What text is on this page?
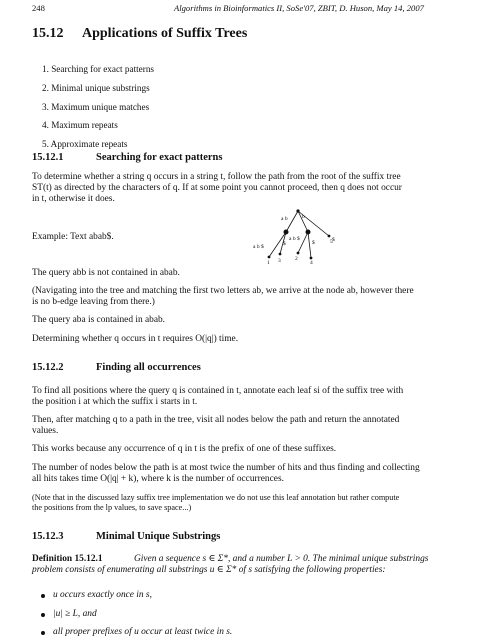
248	Algorithms in Bioinformatics II, SoSe'07, ZBIT, D. Huson, May 14, 2007
15.12 Applications of Suffix Trees
1. Searching for exact patterns
2. Minimal unique substrings
3. Maximum unique matches
4. Maximum repeats
5. Approximate repeats
15.12.1	Searching for exact patterns
To determine whether a string q occurs in a string t, follow the path from the root of the suffix tree
ST(t) as directed by the characters of q. If at some point you cannot proceed, then q does not occur
in t, otherwise it does.
Example: Text abab$.
a b	b
a b $	$
a b $
$	$
1 3	2
4
5
The query abb is not contained in abab.
(Navigating into the tree and matching the first two letters ab, we arrive at the node ab, however there
is no b-edge leaving from there.)
The query aba is contained in abab.
Determining whether q occurs in t requires O(|q|) time.
15.12.2	Finding all occurrences
To find all positions where the query q is contained in t, annotate each leaf si of the suffix tree with
the position i at which the suffix i starts in t.
Then, after matching q to a path in the tree, visit all nodes below the path and return the annotated
values.
This works because any occurrence of q in t is the prefix of one of these suffixes.
The number of nodes below the path is at most twice the number of hits and thus finding and collecting
all hits takes time O(|q| + k), where k is the number of occurrences.
(Note that in the discussed lazy suffix tree implementation we do not use this leaf annotation but rather compute
the positions from the lp values, to save space...)
15.12.3	Minimal Unique Substrings
Definition 15.12.1	Given a sequence s ∈ Σ*, and a number L > 0. The minimal unique substrings
problem consists of enumerating all substrings u ∈ Σ* of s satisfying the following properties:
u occurs exactly once in s,
|u| ≥ L, and
all proper prefixes of u occur at least twice in s.
